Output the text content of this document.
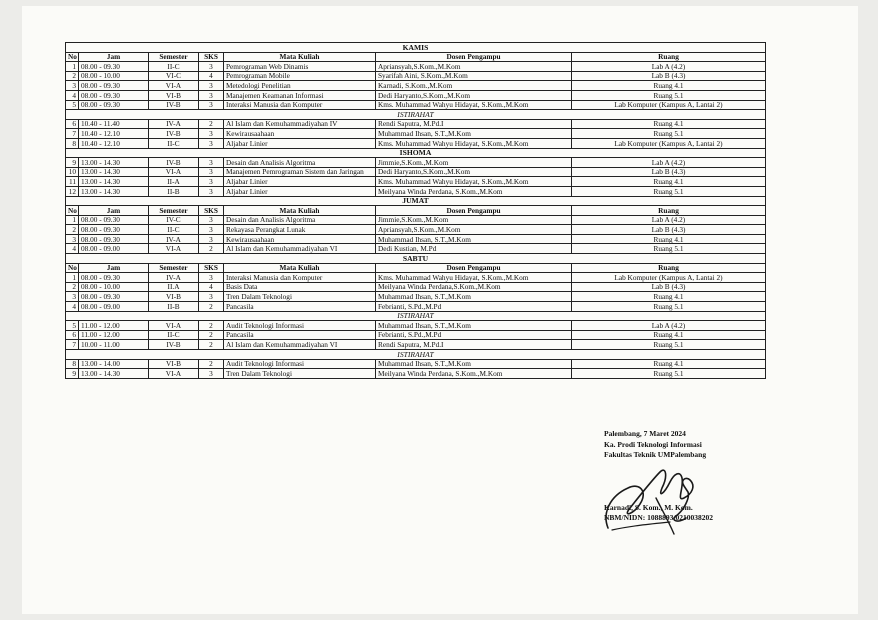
KAMIS						
No	Jam	Semester	SKS	Mata Kuliah	Dosen Pengampu	Ruang
1	08.00 - 09.30	II-C	3	Pemrograman Web Dinamis	Apriansyah,S.Kom.,M.Kom	Lab A (4.2)
2	08.00 - 10.00	VI-C	4	Pemrograman Mobile	Syarifah Aini, S.Kom.,M.Kom	Lab B (4.3)
3	08.00 - 09.30	VI-A	3	Metedologi Penelitian	Karnadi, S.Kom.,M.Kom	Ruang 4.1
4	08.00 - 09.30	VI-B	3	Manajemen Keamanan Informasi	Dedi Haryanto,S.Kom.,M.Kom	Ruang 5.1
5	08.00 - 09.30	IV-B	3	Interaksi Manusia dan Komputer	Kms. Muhammad Wahyu Hidayat, S.Kom.,M.Kom	Lab Komputer (Kampus A, Lantai 2)
ISTIRAHAT						
6	10.40 - 11.40	IV-A	2	Al Islam dan Kemuhammadiyahan IV	Rendi Saputra, M.Pd.I	Ruang 4.1
7	10.40 - 12.10	IV-B	3	Kewirausaahaan	Muhammad Ihsan, S.T.,M.Kom	Ruang 5.1
8	10.40 - 12.10	II-C	3	Aljabar Linier	Kms. Muhammad Wahyu Hidayat, S.Kom.,M.Kom	Lab Komputer (Kampus A, Lantai 2)
ISHOMA						
9	13.00 - 14.30	IV-B	3	Desain dan Analisis Algoritma	Jimmie,S.Kom.,M.Kom	Lab A (4.2)
10	13.00 - 14.30	VI-A	3	Manajemen Pemrograman Sistem dan Jaringan	Dedi Haryanto,S.Kom.,M.Kom	Lab B (4.3)
11	13.00 - 14.30	II-A	3	Aljabar Linier	Kms. Muhammad Wahyu Hidayat, S.Kom.,M.Kom	Ruang 4.1
12	13.00 - 14.30	II-B	3	Aljabar Linier	Meilyana Winda Perdana, S.Kom.,M.Kom	Ruang 5.1
JUMAT						
No	Jam	Semester	SKS	Mata Kuliah	Dosen Pengampu	Ruang
1	08.00 - 09.30	IV-C	3	Desain dan Analisis Algoritma	Jimmie,S.Kom.,M.Kom	Lab A (4.2)
2	08.00 - 09.30	II-C	3	Rekayasa Perangkat Lunak	Apriansyah,S.Kom.,M.Kom	Lab B (4.3)
3	08.00 - 09.30	IV-A	3	Kewirausaahaan	Muhammad Ihsan, S.T.,M.Kom	Ruang 4.1
4	08.00 - 09.00	VI-A	2	Al Islam dan Kemuhammadiyahan VI	Dedi Kustian, M.Pd	Ruang 5.1
SABTU						
No	Jam	Semester	SKS	Mata Kuliah	Dosen Pengampu	Ruang
1	08.00 - 09.30	IV-A	3	Interaksi Manusia dan Komputer	Kms. Muhammad Wahyu Hidayat, S.Kom.,M.Kom	Lab Komputer (Kampus A, Lantai 2)
2	08.00 - 10.00	II.A	4	Basis Data	Meilyana Winda Perdana,S.Kom.,M.Kom	Lab B (4.3)
3	08.00 - 09.30	VI-B	3	Tren Dalam Teknologi	Muhammad Ihsan, S.T.,M.Kom	Ruang 4.1
4	08.00 - 09.00	II-B	2	Pancasila	Febrianti, S.Pd.,M.Pd	Ruang 5.1
ISTIRAHAT						
5	11.00 - 12.00	VI-A	2	Audit Teknologi Informasi	Muhammad Ihsan, S.T.,M.Kom	Lab A (4.2)
6	11.00 - 12.00	II-C	2	Pancasila	Febrianti, S.Pd.,M.Pd	Ruang 4.1
7	10.00 - 11.00	IV-B	2	Al Islam dan Kemuhammadiyahan VI	Rendi Saputra, M.Pd.I	Ruang 5.1
ISTIRAHAT						
8	13.00 - 14.00	VI-B	2	Audit Teknologi Informasi	Muhammad Ihsan, S.T.,M.Kom	Ruang 4.1
9	13.00 - 14.30	VI-A	3	Tren Dalam Teknologi	Meilyana Winda Perdana, S.Kom.,M.Kom	Ruang 5.1
Palembang, 7 Maret 2024
Ka. Prodi Teknologi Informasi
Fakultas Teknik UMPalembang
Karnadi, S. Kom., M. Kom.
NBM/NIDN: 1088893/0210038202
